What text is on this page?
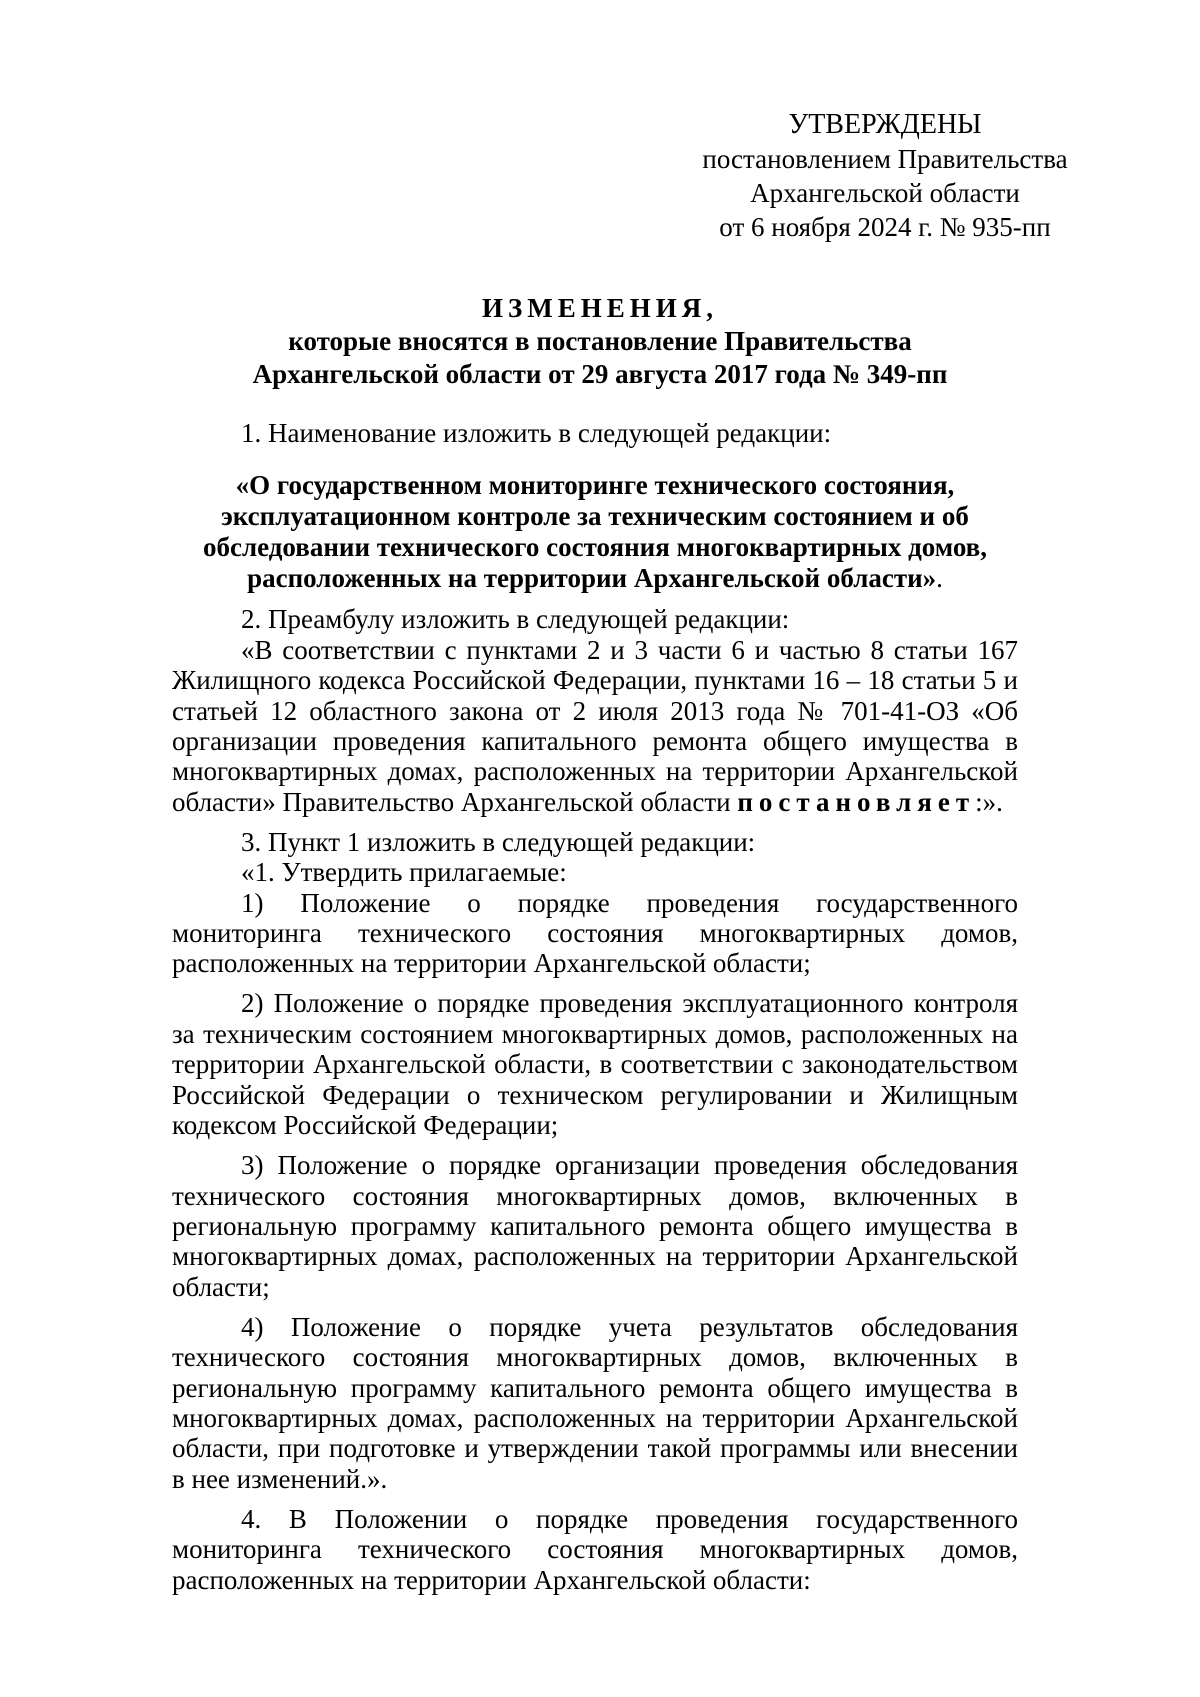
УТВЕРЖДЕНЫ
постановлением Правительства
Архангельской области
от 6 ноября 2024 г. № 935-пп
ИЗМЕНЕНИЯ,
которые вносятся в постановление Правительства
Архангельской области от 29 августа 2017 года № 349-пп

1. Наименование изложить в следующей редакции:

«О государственном мониторинге технического состояния, эксплуатационном контроле за техническим состоянием и об обследовании технического состояния многоквартирных домов, расположенных на территории Архангельской области».

2. Преамбулу изложить в следующей редакции:

«В соответствии с пунктами 2 и 3 части 6 и частью 8 статьи 167 Жилищного кодекса Российской Федерации, пунктами 16 – 18 статьи 5 и статьей 12 областного закона от 2 июля 2013 года № 701-41-ОЗ «Об организации проведения капитального ремонта общего имущества в многоквартирных домах, расположенных на территории Архангельской области» Правительство Архангельской области постановляет:».

3. Пункт 1 изложить в следующей редакции:

«1. Утвердить прилагаемые:

1) Положение о порядке проведения государственного мониторинга технического состояния многоквартирных домов, расположенных на территории Архангельской области;

2) Положение о порядке проведения эксплуатационного контроля за техническим состоянием многоквартирных домов, расположенных на территории Архангельской области, в соответствии с законодательством Российской Федерации о техническом регулировании и Жилищным кодексом Российской Федерации;

3) Положение о порядке организации проведения обследования технического состояния многоквартирных домов, включенных в региональную программу капитального ремонта общего имущества в многоквартирных домах, расположенных на территории Архангельской области;

4) Положение о порядке учета результатов обследования технического состояния многоквартирных домов, включенных в региональную программу капитального ремонта общего имущества в многоквартирных домах, расположенных на территории Архангельской области, при подготовке и утверждении такой программы или внесении в нее изменений.».

4. В Положении о порядке проведения государственного мониторинга технического состояния многоквартирных домов, расположенных на территории Архангельской области:
